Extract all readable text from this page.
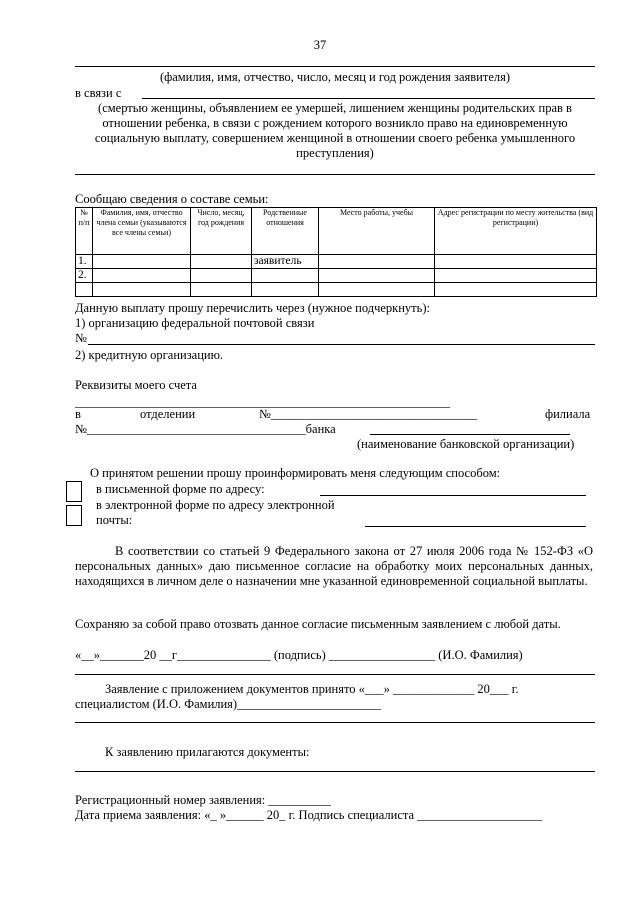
37
(фамилия, имя, отчество, число, месяц и год рождения заявителя)
в связи с
(смертью женщины, объявлением ее умершей, лишением женщины родительских прав в
отношении ребенка, в связи с рождением которого возникло право на единовременную
социальную выплату, совершением женщиной в отношении своего ребенка умышленного
преступления)
Сообщаю сведения о составе семьи:
№ п/п	Фамилия, имя, отчество члена семьи (указываются все члены семьи)	Число, месяц, год рождения	Родственные отношения	Место работы, учебы	Адрес регистрации по месту жительства (вид регистрации)
1.			заявитель		
2.					

Данную выплату прошу перечислить через (нужное подчеркнуть):
1) организацию федеральной почтовой связи
№
2) кредитную организацию.
Реквизиты моего счета
____________________________________________________________
в	отделении	№_________________________________	филиала
№___________________________________банка
(наименование банковской организации)
О принятом решении прошу проинформировать меня следующим способом:
в письменной форме по адресу:
в электронной форме по адресу электронной
почты:
В соответствии со статьей 9 Федерального закона от 27 июля 2006 года № 152-ФЗ «О персональных данных» даю письменное согласие на обработку моих персональных данных, находящихся в личном деле о назначении мне указанной единовременной социальной выплаты.
Сохраняю за собой право отозвать данное согласие письменным заявлением с любой даты.
«__»_______20 __г_______________ (подпись) _________________ (И.О. Фамилия)
Заявление с приложением документов принято «___» _____________ 20___ г.
специалистом (И.О. Фамилия)_______________________
К заявлению прилагаются документы:
Регистрационный номер заявления: __________
Дата приема заявления: «_ »______ 20_ г. Подпись специалиста ____________________
